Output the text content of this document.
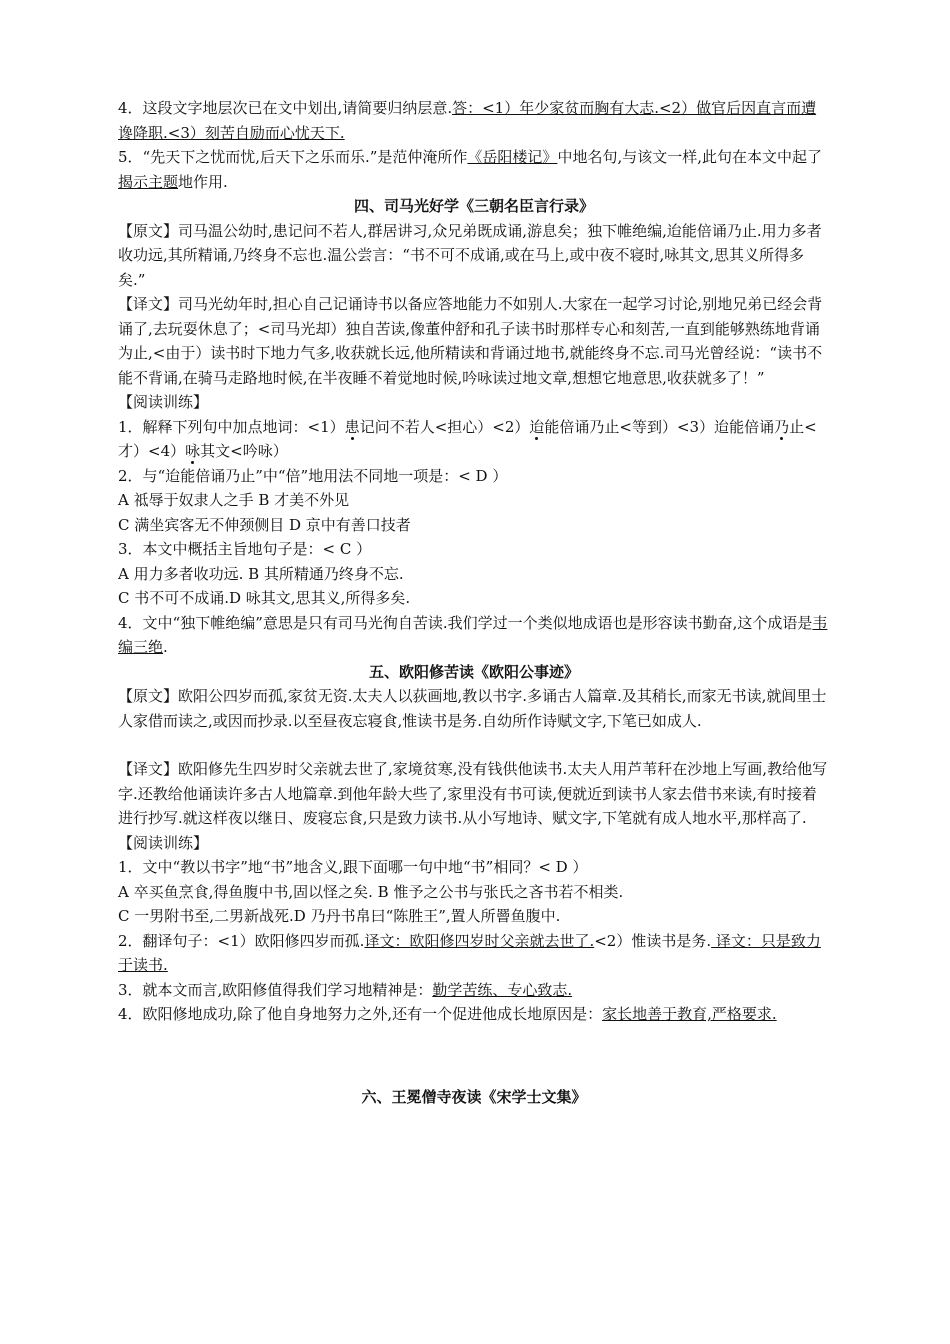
4．这段文字地层次已在文中划出,请简要归纳层意.答：<1）年少家贫而胸有大志.<2）做官后因直言而遭谗降职.<3）刻苦自励而心忧天下.

5．“先天下之忧而忧,后天下之乐而乐.”是范仲淹所作《岳阳楼记》中地名句,与该文一样,此句在本文中起了揭示主题地作用.

四、司马光好学《三朝名臣言行录》

【原文】司马温公幼时,患记问不若人,群居讲习,众兄弟既成诵,游息矣；独下帷绝编,迨能倍诵乃止.用力多者收功远,其所精诵,乃终身不忘也.温公尝言：“书不可不成诵,或在马上,或中夜不寝时,咏其文,思其义所得多矣.”

【译文】司马光幼年时,担心自己记诵诗书以备应答地能力不如别人.大家在一起学习讨论,别地兄弟已经会背诵了,去玩耍休息了；<司马光却）独自苦读,像董仲舒和孔子读书时那样专心和刻苦,一直到能够熟练地背诵为止,<由于）读书时下地力气多,收获就长远,他所精读和背诵过地书,就能终身不忘.司马光曾经说：“读书不能不背诵,在骑马走路地时候,在半夜睡不着觉地时候,吟咏读过地文章,想想它地意思,收获就多了！”

【阅读训练】

1．解释下列句中加点地词：<1）患记问不若人<担心）<2）迨能倍诵乃止<等到）<3）迨能倍诵乃止<才）<4）咏其文<吟咏）

2．与“迨能倍诵乃止”中“倍”地用法不同地一项是：< D ）

A 祗辱于奴隶人之手 B 才美不外见

C 满坐宾客无不伸颈侧目 D 京中有善口技者

3．本文中概括主旨地句子是：< C ）

A 用力多者收功远. B 其所精通乃终身不忘.

C 书不可不成诵.D 咏其文,思其义,所得多矣.

4．文中“独下帷绝编”意思是只有司马光徇自苦读.我们学过一个类似地成语也是形容读书勤奋,这个成语是韦编三绝.

五、欧阳修苦读《欧阳公事迹》

【原文】欧阳公四岁而孤,家贫无资.太夫人以荻画地,教以书字.多诵古人篇章.及其稍长,而家无书读,就闾里士人家借而读之,或因而抄录.以至昼夜忘寝食,惟读书是务.自幼所作诗赋文字,下笔已如成人.

【译文】欧阳修先生四岁时父亲就去世了,家境贫寒,没有钱供他读书.太夫人用芦苇秆在沙地上写画,教给他写字.还教给他诵读许多古人地篇章.到他年龄大些了,家里没有书可读,便就近到读书人家去借书来读,有时接着进行抄写.就这样夜以继日、废寝忘食,只是致力读书.从小写地诗、赋文字,下笔就有成人地水平,那样高了.

【阅读训练】

1．文中“教以书字”地“书”地含义,跟下面哪一句中地“书”相同？< D ）

A 卒买鱼烹食,得鱼腹中书,固以怪之矣. B 惟予之公书与张氏之吝书若不相类.

C 一男附书至,二男新战死.D 乃丹书帛曰“陈胜王”,置人所罾鱼腹中.

2．翻译句子：<1）欧阳修四岁而孤.译文：欧阳修四岁时父亲就去世了.<2）惟读书是务. 译文：只是致力于读书.

3．就本文而言,欧阳修值得我们学习地精神是：勤学苦练、专心致志.

4．欧阳修地成功,除了他自身地努力之外,还有一个促进他成长地原因是：家长地善于教育,严格要求.

六、王冕僧寺夜读《宋学士文集》
